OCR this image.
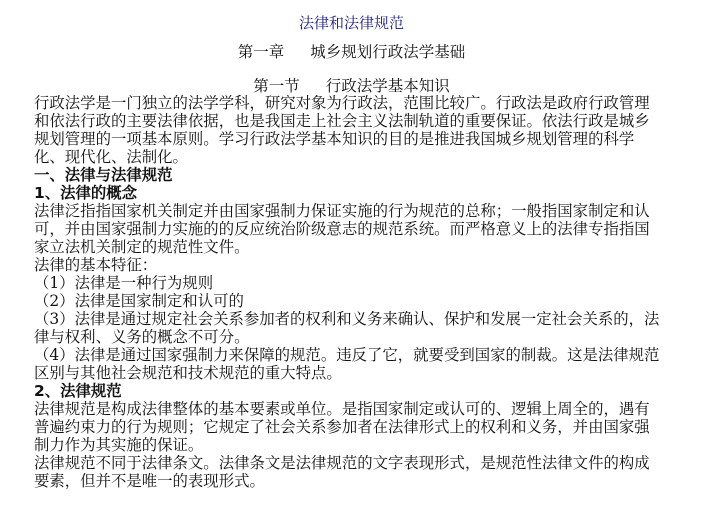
法律和法律规范
第一章 城乡规划行政法学基础
第一节 行政法学基本知识
行政法学是一门独立的法学学科，研究对象为行政法，范围比较广。行政法是政府行政管理
和依法行政的主要法律依据，也是我国走上社会主义法制轨道的重要保证。依法行政是城乡
规划管理的一项基本原则。学习行政法学基本知识的目的是推进我国城乡规划管理的科学
化、现代化、法制化。
一、法律与法律规范
1、法律的概念
法律泛指指国家机关制定并由国家强制力保证实施的行为规范的总称；一般指国家制定和认
可，并由国家强制力实施的的反应统治阶级意志的规范系统。而严格意义上的法律专指指国
家立法机关制定的规范性文件。
法律的基本特征：
（1）法律是一种行为规则
（2）法律是国家制定和认可的
（3）法律是通过规定社会关系参加者的权利和义务来确认、保护和发展一定社会关系的，法
律与权利、义务的概念不可分。
（4）法律是通过国家强制力来保障的规范。违反了它，就要受到国家的制裁。这是法律规范
区别与其他社会规范和技术规范的重大特点。
2、法律规范
法律规范是构成法律整体的基本要素或单位。是指国家制定或认可的、逻辑上周全的，遇有
普遍约束力的行为规则；它规定了社会关系参加者在法律形式上的权利和义务，并由国家强
制力作为其实施的保证。
法律规范不同于法律条文。法律条文是法律规范的文字表现形式，是规范性法律文件的构成
要素，但并不是唯一的表现形式。
